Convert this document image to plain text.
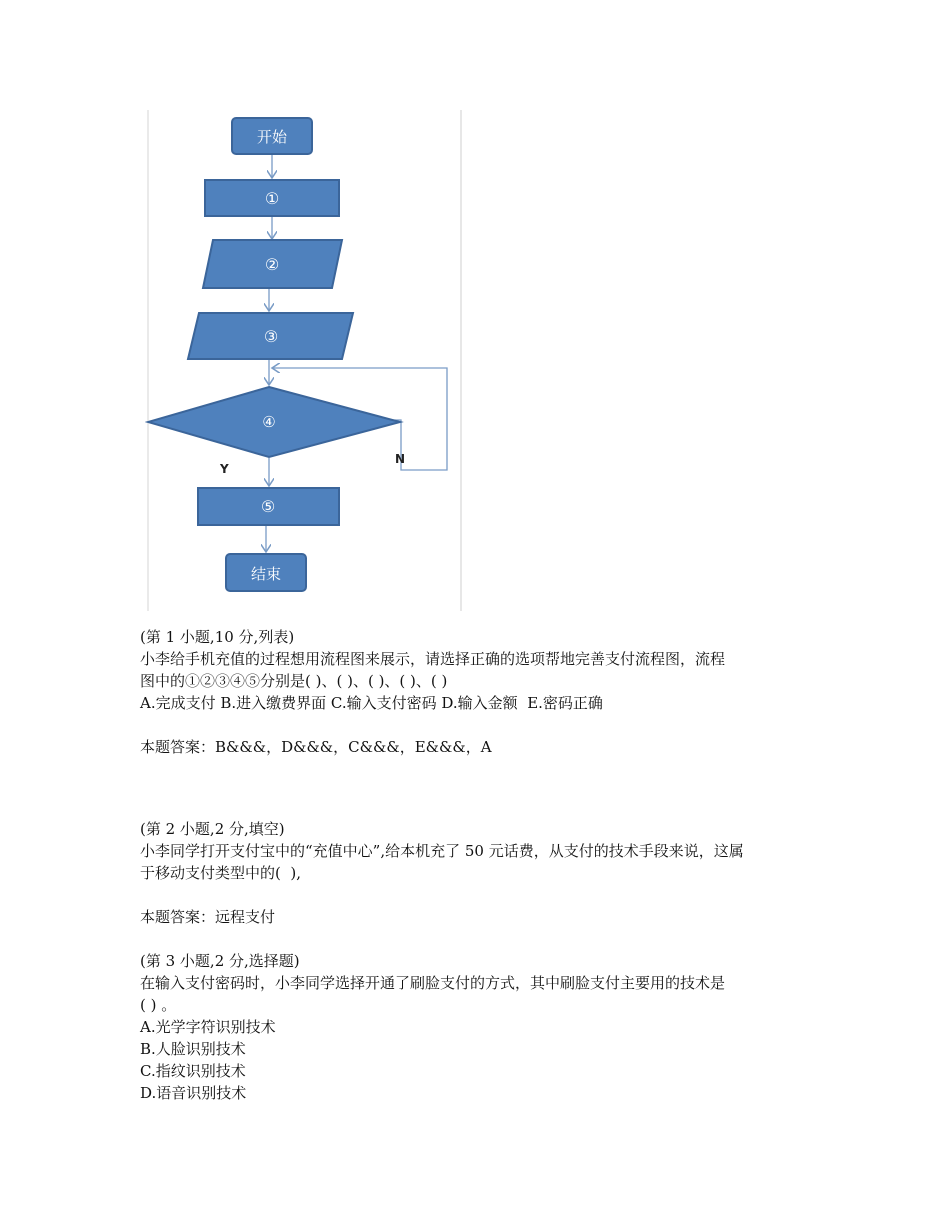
开始
①
②
③
④
Y
N
⑤
结束
(第 1 小题,10 分,列表)
小李给手机充值的过程想用流程图来展示，请选择正确的选项帮地完善支付流程图，流程
图中的①②③④⑤分别是( )、( )、( )、( )、( )
A.完成支付 B.进入缴费界面 C.输入支付密码 D.输入金额  E.密码正确
本题答案：B&&&，D&&&，C&&&，E&&&，A
(第 2 小题,2 分,填空)
小李同学打开支付宝中的“充值中心”,给本机充了 50 元话费，从支付的技术手段来说，这属
于移动支付类型中的(  ),
本题答案：远程支付
(第 3 小题,2 分,选择题)
在输入支付密码时，小李同学选择开通了刷脸支付的方式，其中刷脸支付主要用的技术是
( ) 。
A.光学字符识别技术
B.人脸识别技术
C.指纹识别技术
D.语音识别技术
